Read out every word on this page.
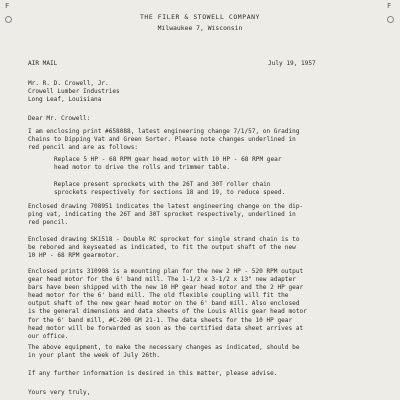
F	F
THE FILER & STOWELL COMPANY
Milwaukee 7, Wisconsin
AIR MAIL	July 19, 1957
Mr. R. D. Crowell, Jr.
Crowell Lumber Industries
Long Leaf, Louisiana
Dear Mr. Crowell:
I am enclosing print #658088, latest engineering change 7/1/57, on Grading
Chains to Dipping Vat and Green Sorter. Please note changes underlined in
red pencil and are as follows:
Replace 5 HP - 68 RPM gear head motor with 10 HP - 68 RPM gear
head motor to drive the rolls and trimmer table.
Replace present sprockets with the 26T and 30T roller chain
sprockets respectively for sections 18 and 19, to reduce speed.
Enclosed drawing 708951 indicates the latest engineering change on the dip-
ping vat, indicating the 26T and 30T sprocket respectively, underlined in
red pencil.
Enclosed drawing SK1518 - Double RC sprocket for single strand chain is to
be rebored and keyseated as indicated, to fit the output shaft of the new
10 HP - 68 RPM gearmotor.
Enclosed prints 310908 is a mounting plan for the new 2 HP - 520 RPM output
gear head motor for the 6' band mill. The 1-1/2 x 3-1/2 x 13" new adapter
bars have been shipped with the new 10 HP gear head motor and the 2 HP gear
head motor for the 6' band mill. The old flexible coupling will fit the
output shaft of the new gear head motor on the 6' band mill. Also enclosed
is the general dimensions and data sheets of the Louis Allis gear head motor
for the 6' band mill, #C-200 GM 21-1. The data sheets for the 10 HP gear
head motor will be forwarded as soon as the certified data sheet arrives at
our office.
The above equipment, to make the necessary changes as indicated, should be
in your plant the week of July 26th.
If any further information is desired in this matter, please advise.
Yours very truly,
